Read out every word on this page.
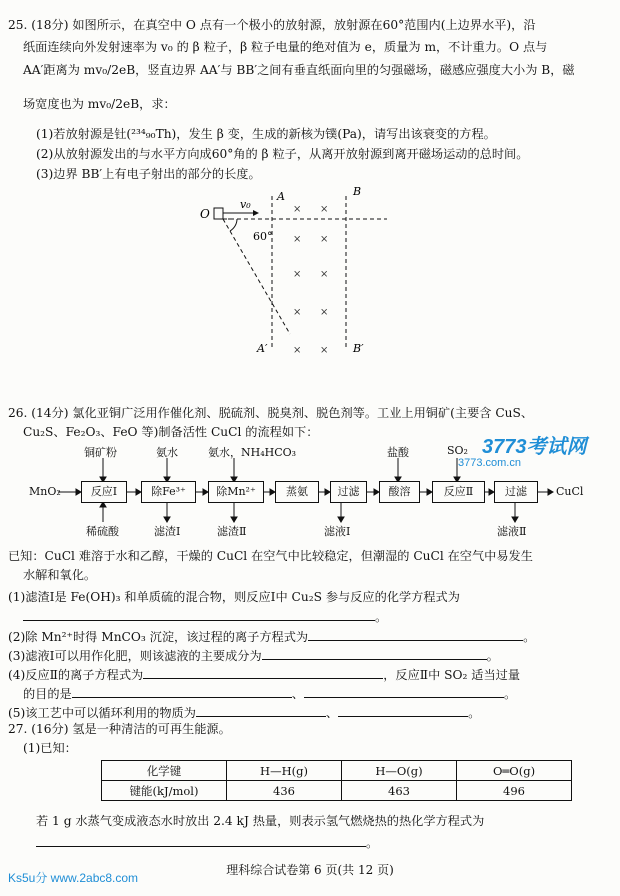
25. (18分) 如图所示，在真空中 O 点有一个极小的放射源，放射源在60°范围内(上边界水平)，沿
纸面连续向外发射速率为 v₀ 的 β 粒子，β 粒子电量的绝对值为 e，质量为 m，不计重力。O 点与
AA′距离为 mv₀/2eB，竖直边界 AA′与 BB′之间有垂直纸面向里的匀强磁场，磁感应强度大小为 B，磁
场宽度也为 mv₀/2eB，求：
(1)若放射源是钍(²³⁴₉₀Th)，发生 β 变，生成的新核为镤(Pa)，请写出该衰变的方程。
(2)从放射源发出的与水平方向成60°角的 β 粒子，从离开放射源到离开磁场运动的总时间。
(3)边界 BB′上有电子射出的部分的长度。
O
v₀
60°
A	B
A′	B′
× ×
× ×
× ×
× ×
× ×
26. (14分) 氯化亚铜广泛用作催化剂、脱硫剂、脱臭剂、脱色剂等。工业上用铜矿(主要含 CuS、
Cu₂S、Fe₂O₃、FeO 等)制备活性 CuCl 的流程如下：
3773考试网
3773.com.cn
MnO₂	CuCl
反应Ⅰ	除Fe³⁺	除Mn²⁺	蒸氨	过滤	酸溶	反应Ⅱ	过滤
铜矿粉	氨水	氨水，NH₄HCO₃	盐酸	SO₂
稀硫酸	滤渣Ⅰ	滤渣Ⅱ	滤液Ⅰ	滤液Ⅱ
已知：CuCl 难溶于水和乙醇，干燥的 CuCl 在空气中比较稳定，但潮湿的 CuCl 在空气中易发生
水解和氧化。
(1)滤渣Ⅰ是 Fe(OH)₃ 和单质硫的混合物，则反应Ⅰ中 Cu₂S 参与反应的化学方程式为
。
(2)除 Mn²⁺时得 MnCO₃ 沉淀，该过程的离子方程式为	。
(3)滤液Ⅰ可以用作化肥，则该滤液的主要成分为	。
(4)反应Ⅱ的离子方程式为	，反应Ⅱ中 SO₂ 适当过量
的目的是	、	。
(5)该工艺中可以循环利用的物质为	、	。
27. (16分) 氢是一种清洁的可再生能源。
(1)已知：
化学键	H—H(g)	H—O(g)	O═O(g)
键能(kJ/mol)	436	463	496
若 1 g 水蒸气变成液态水时放出 2.4 kJ 热量，则表示氢气燃烧热的热化学方程式为
。
理科综合试卷第 6 页(共 12 页)
Ks5u分 www.2abc8.com
